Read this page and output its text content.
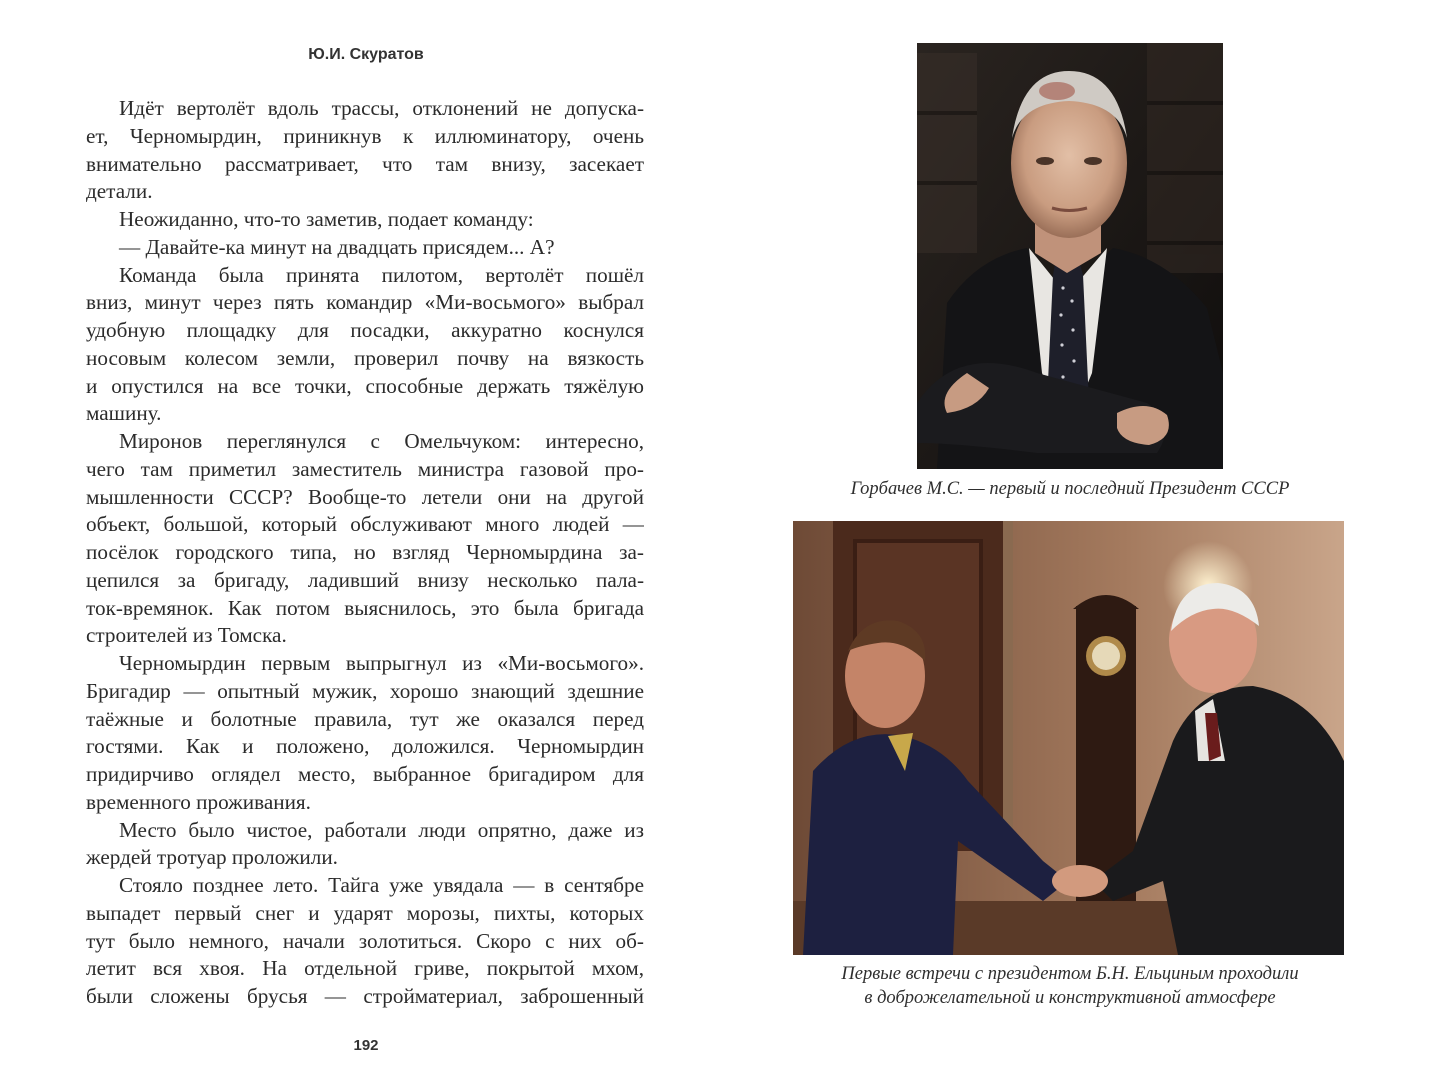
Ю.И. Скуратов
Идёт вертолёт вдоль трассы, отклонений не допуска-
ет, Черномырдин, приникнув к иллюминатору, очень
внимательно рассматривает, что там внизу, засекает
детали.
Неожиданно, что-то заметив, подает команду:
— Давайте-ка минут на двадцать присядем... А?
Команда была принята пилотом, вертолёт пошёл
вниз, минут через пять командир «Ми-восьмого» выбрал
удобную площадку для посадки, аккуратно коснулся
носовым колесом земли, проверил почву на вязкость
и опустился на все точки, способные держать тяжёлую
машину.
Миронов переглянулся с Омельчуком: интересно,
чего там приметил заместитель министра газовой про-
мышленности СССР? Вообще-то летели они на другой
объект, большой, который обслуживают много людей —
посёлок городского типа, но взгляд Черномырдина за-
цепился за бригаду, ладивший внизу несколько пала-
ток-времянок. Как потом выяснилось, это была бригада
строителей из Томска.
Черномырдин первым выпрыгнул из «Ми-восьмого».
Бригадир — опытный мужик, хорошо знающий здешние
таёжные и болотные правила, тут же оказался перед
гостями. Как и положено, доложился. Черномырдин
придирчиво оглядел место, выбранное бригадиром для
временного проживания.
Место было чистое, работали люди опрятно, даже из
жердей тротуар проложили.
Стояло позднее лето. Тайга уже увядала — в сентябре
выпадет первый снег и ударят морозы, пихты, которых
тут было немного, начали золотиться. Скоро с них об-
летит вся хвоя. На отдельной гриве, покрытой мхом,
были сложены брусья — стройматериал, заброшенный
192
Горбачев М.С. — первый и последний Президент СССР
Первые встречи с президентом Б.Н. Ельциным проходили
в доброжелательной и конструктивной атмосфере
